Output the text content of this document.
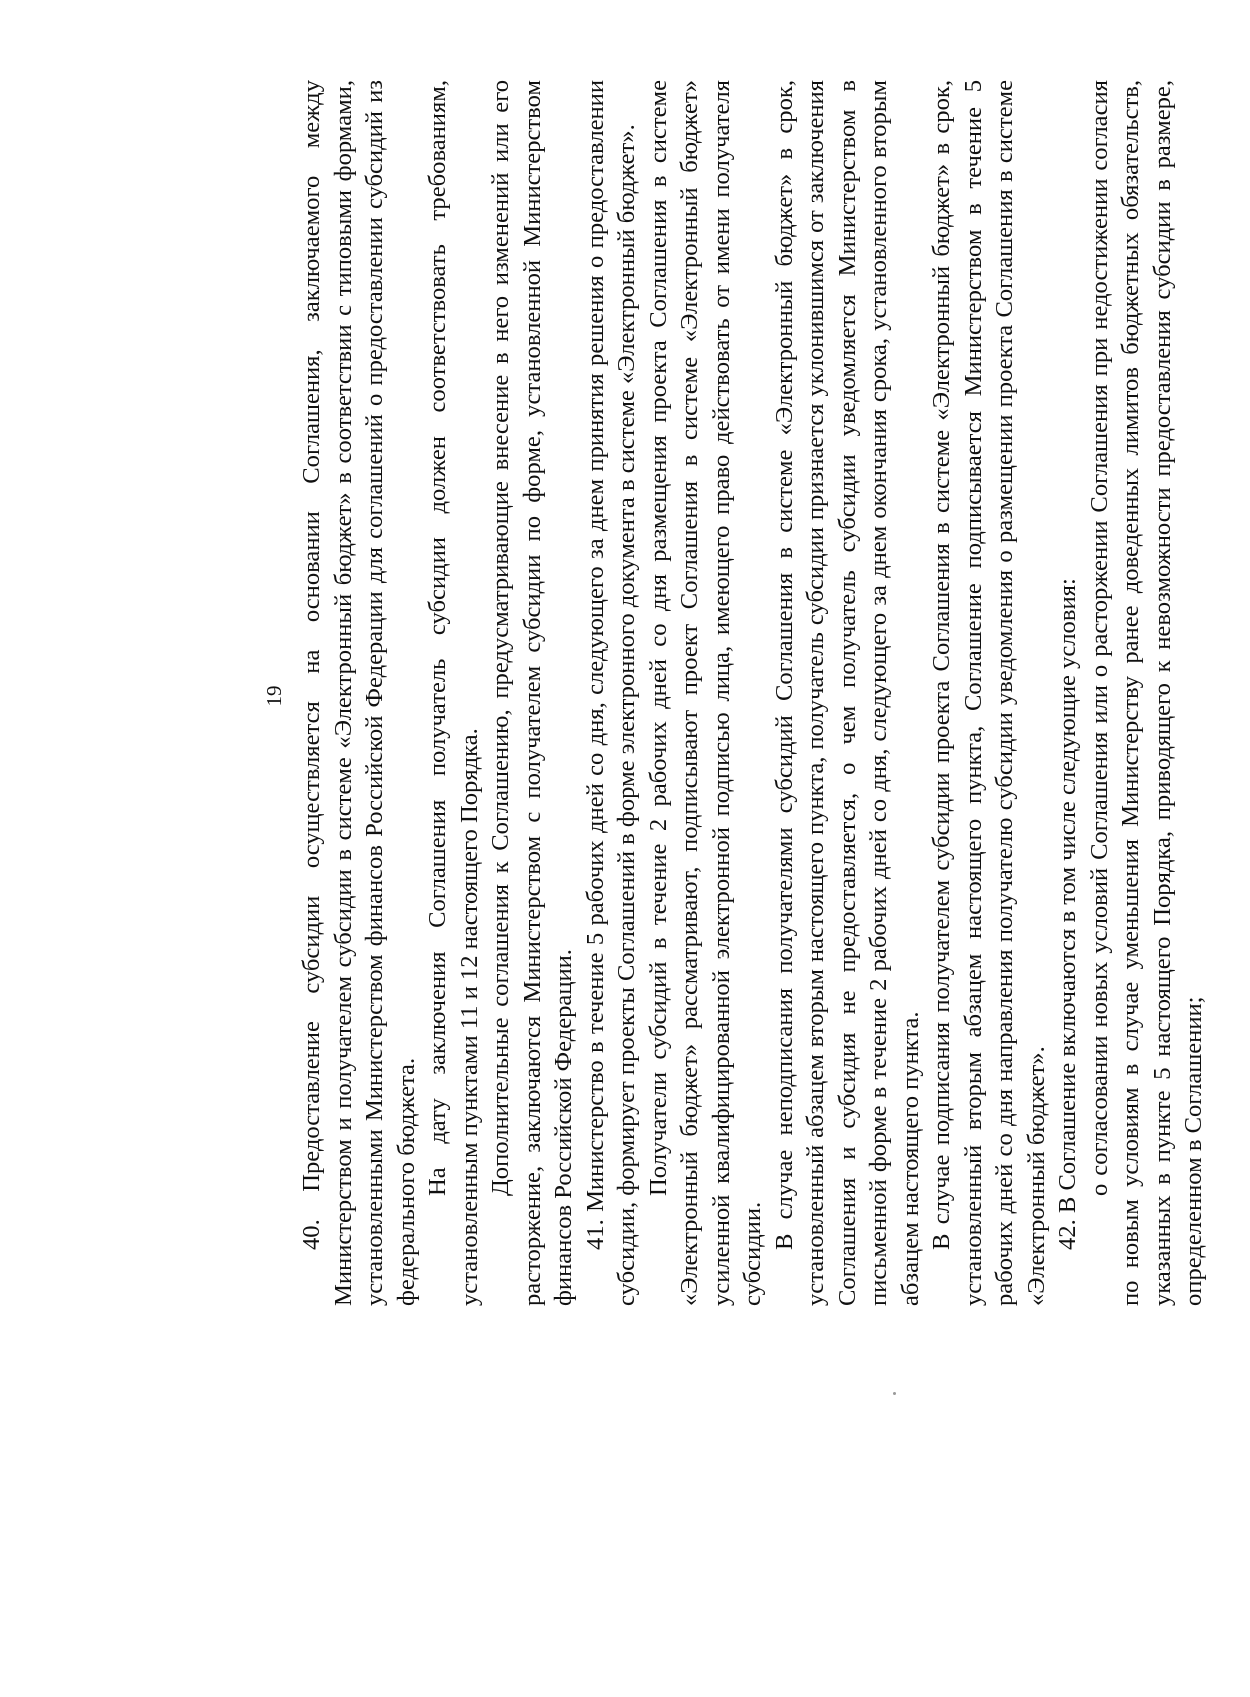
19 40. Предоставление субсидии осуществляется на основании Соглашения, заключаемого между Министерством и получателем субсидии в системе «Электронный бюджет» в соответствии с типовыми формами, установленными Министерством финансов Российской Федерации для соглашений о предоставлении субсидий из федерального бюджета. На дату заключения Соглашения получатель субсидии должен соответствовать требованиям, установленным пунктами 11 и 12 настоящего Порядка. Дополнительные соглашения к Соглашению, предусматривающие внесение в него изменений или его расторжение, заключаются Министерством с получателем субсидии по форме, установленной Министерством финансов Российской Федерации. 41. Министерство в течение 5 рабочих дней со дня, следующего за днем принятия решения о предоставлении субсидии, формирует проекты Соглашений в форме электронного документа в системе «Электронный бюджет». Получатели субсидий в течение 2 рабочих дней со дня размещения проекта Соглашения в системе «Электронный бюджет» рассматривают, подписывают проект Соглашения в системе «Электронный бюджет» усиленной квалифицированной электронной подписью лица, имеющего право действовать от имени получателя субсидии.

В случае неподписания получателями субсидий Соглашения в системе «Электронный бюджет» в срок, установленный абзацем вторым настоящего пункта, получатель субсидии признается уклонившимся от заключения Соглашения и субсидия не предоставляется, о чем получатель субсидии уведомляется Министерством в письменной форме в течение 2 рабочих дней со дня, следующего за днем окончания срока, установленного вторым абзацем настоящего пункта. В случае подписания получателем субсидии проекта Соглашения в системе «Электронный бюджет» в срок, установленный вторым абзацем настоящего пункта, Соглашение подписывается Министерством в течение 5 рабочих дней со дня направления получателю субсидии уведомления о размещении проекта Соглашения в системе «Электронный бюджет». 42. В Соглашение включаются в том числе следующие условия: о согласовании новых условий Соглашения или о расторжении Соглашения при недостижении согласия по новым условиям в случае уменьшения Министерству ранее доведенных лимитов бюджетных обязательств, указанных в пункте 5 настоящего Порядка, приводящего к невозможности предоставления субсидии в размере, определенном в Соглашении;
